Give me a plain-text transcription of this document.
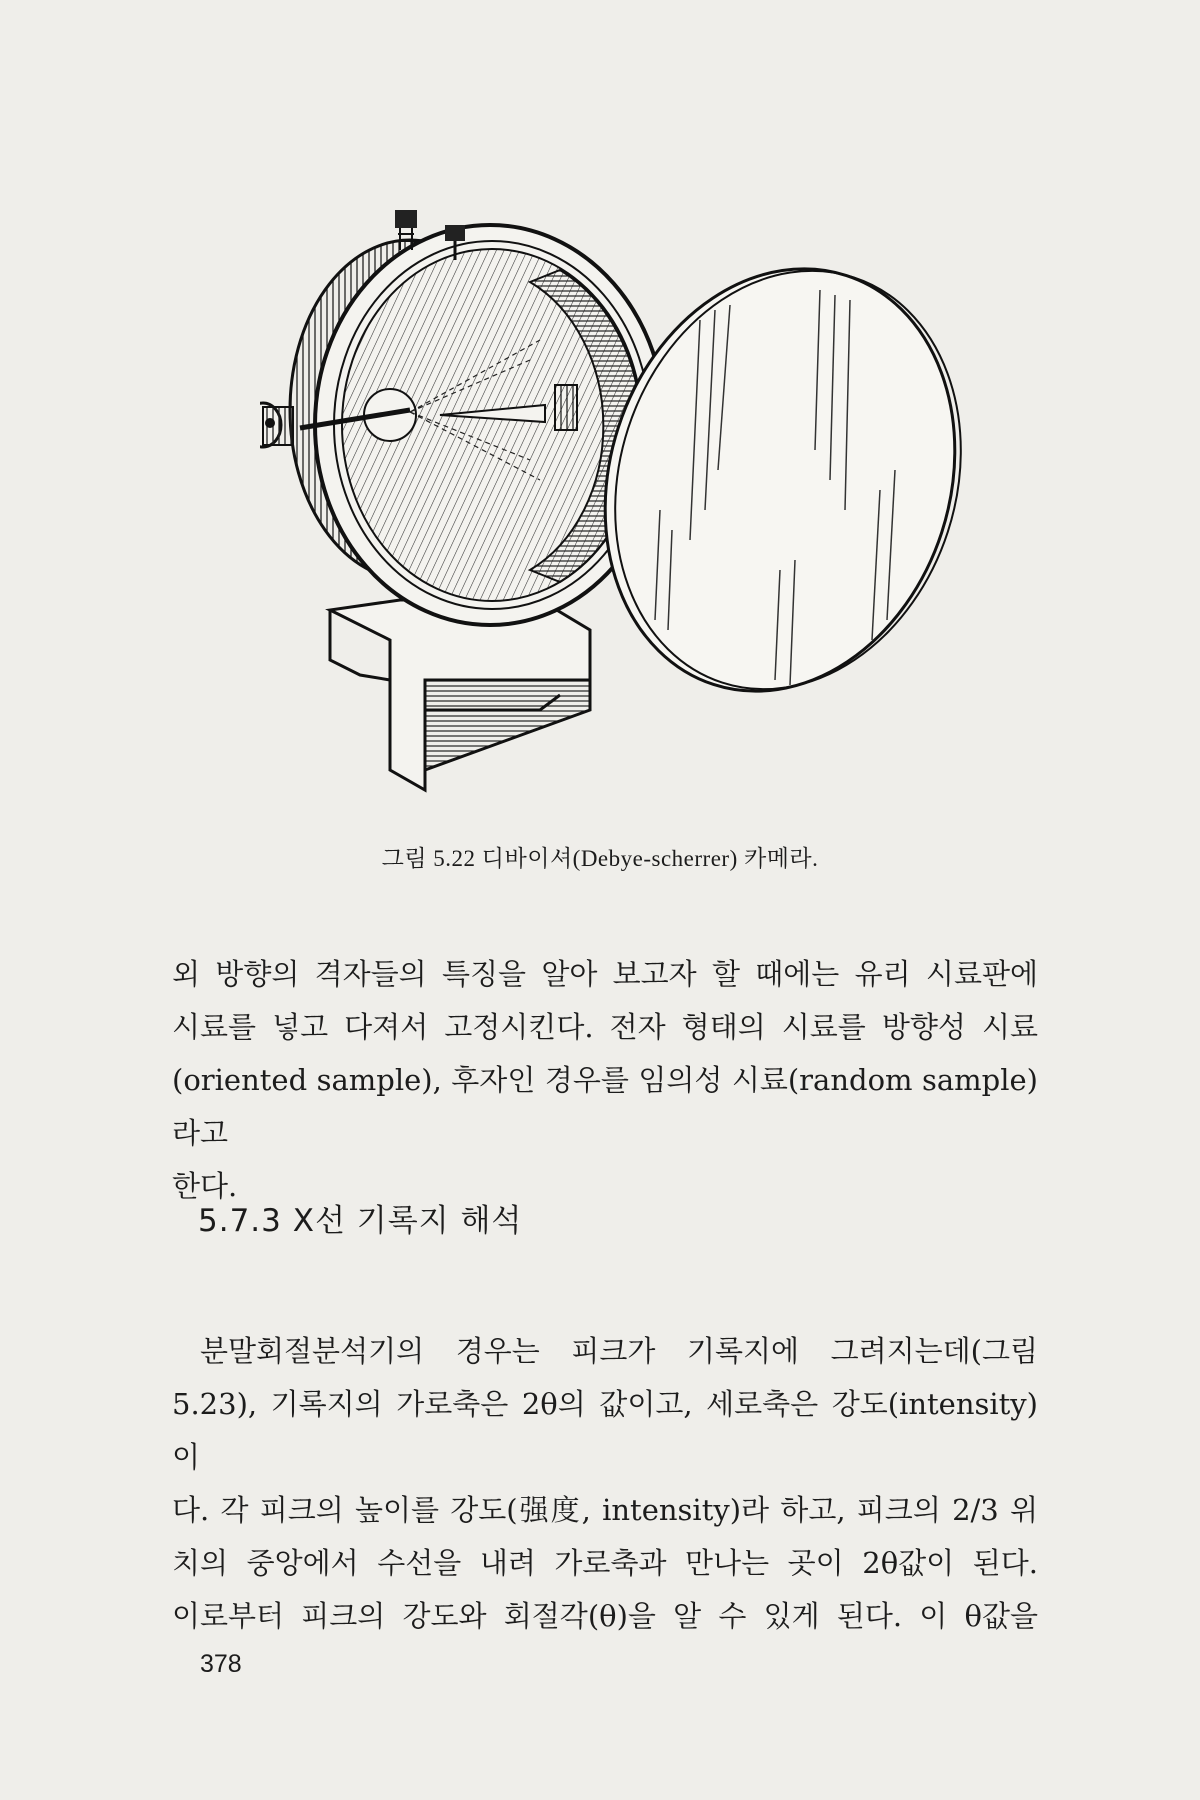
그림 5.22 디바이셔(Debye-scherrer) 카메라.
외 방향의 격자들의 특징을 알아 보고자 할 때에는 유리 시료판에
시료를 넣고 다져서 고정시킨다. 전자 형태의 시료를 방향성 시료
(oriented sample), 후자인 경우를 임의성 시료(random sample)라고
한다.
5.7.3 X선 기록지 해석
분말회절분석기의 경우는 피크가 기록지에 그려지는데(그림
5.23), 기록지의 가로축은 2θ의 값이고, 세로축은 강도(intensity)이
다. 각 피크의 높이를 강도(强度, intensity)라 하고, 피크의 2/3 위
치의 중앙에서 수선을 내려 가로축과 만나는 곳이 2θ값이 된다.
이로부터 피크의 강도와 회절각(θ)을 알 수 있게 된다. 이 θ값을
378
